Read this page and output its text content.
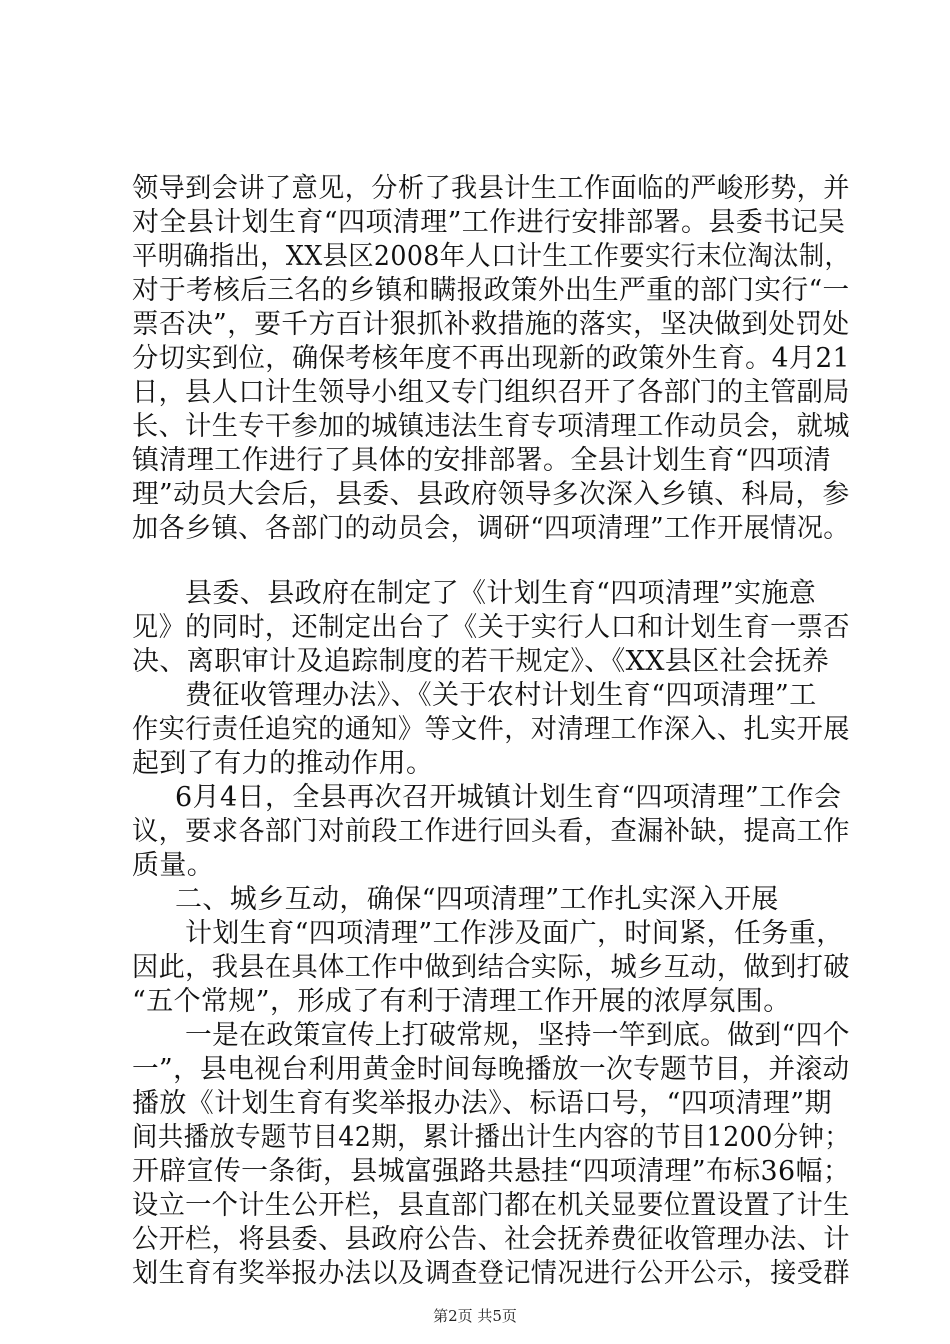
领导到会讲了意见，分析了我县计生工作面临的严峻形势，并
对全县计划生育“四项清理”工作进行安排部署。县委书记吴
平明确指出，XX县区2008年人口计生工作要实行末位淘汰制，
对于考核后三名的乡镇和瞒报政策外出生严重的部门实行“一
票否决”，要千方百计狠抓补救措施的落实，坚决做到处罚处
分切实到位，确保考核年度不再出现新的政策外生育。4月21
日，县人口计生领导小组又专门组织召开了各部门的主管副局
长、计生专干参加的城镇违法生育专项清理工作动员会，就城
镇清理工作进行了具体的安排部署。全县计划生育“四项清
理”动员大会后，县委、县政府领导多次深入乡镇、科局，参
加各乡镇、各部门的动员会，调研“四项清理”工作开展情况。
县委、县政府在制定了《计划生育“四项清理”实施意
见》的同时，还制定出台了《关于实行人口和计划生育一票否
决、离职审计及追踪制度的若干规定》、《XX县区社会抚养
费征收管理办法》、《关于农村计划生育“四项清理”工
作实行责任追究的通知》等文件，对清理工作深入、扎实开展
起到了有力的推动作用。
6月4日，全县再次召开城镇计划生育“四项清理”工作会
议，要求各部门对前段工作进行回头看，查漏补缺，提高工作
质量。
二、城乡互动，确保“四项清理”工作扎实深入开展
计划生育“四项清理”工作涉及面广，时间紧，任务重，
因此，我县在具体工作中做到结合实际，城乡互动，做到打破
“五个常规”，形成了有利于清理工作开展的浓厚氛围。
一是在政策宣传上打破常规，坚持一竿到底。做到“四个
一”，县电视台利用黄金时间每晚播放一次专题节目，并滚动
播放《计划生育有奖举报办法》、标语口号，“四项清理”期
间共播放专题节目42期，累计播出计生内容的节目1200分钟；
开辟宣传一条街，县城富强路共悬挂“四项清理”布标36幅；
设立一个计生公开栏，县直部门都在机关显要位置设置了计生
公开栏，将县委、县政府公告、社会抚养费征收管理办法、计
划生育有奖举报办法以及调查登记情况进行公开公示，接受群
第2页 共5页
